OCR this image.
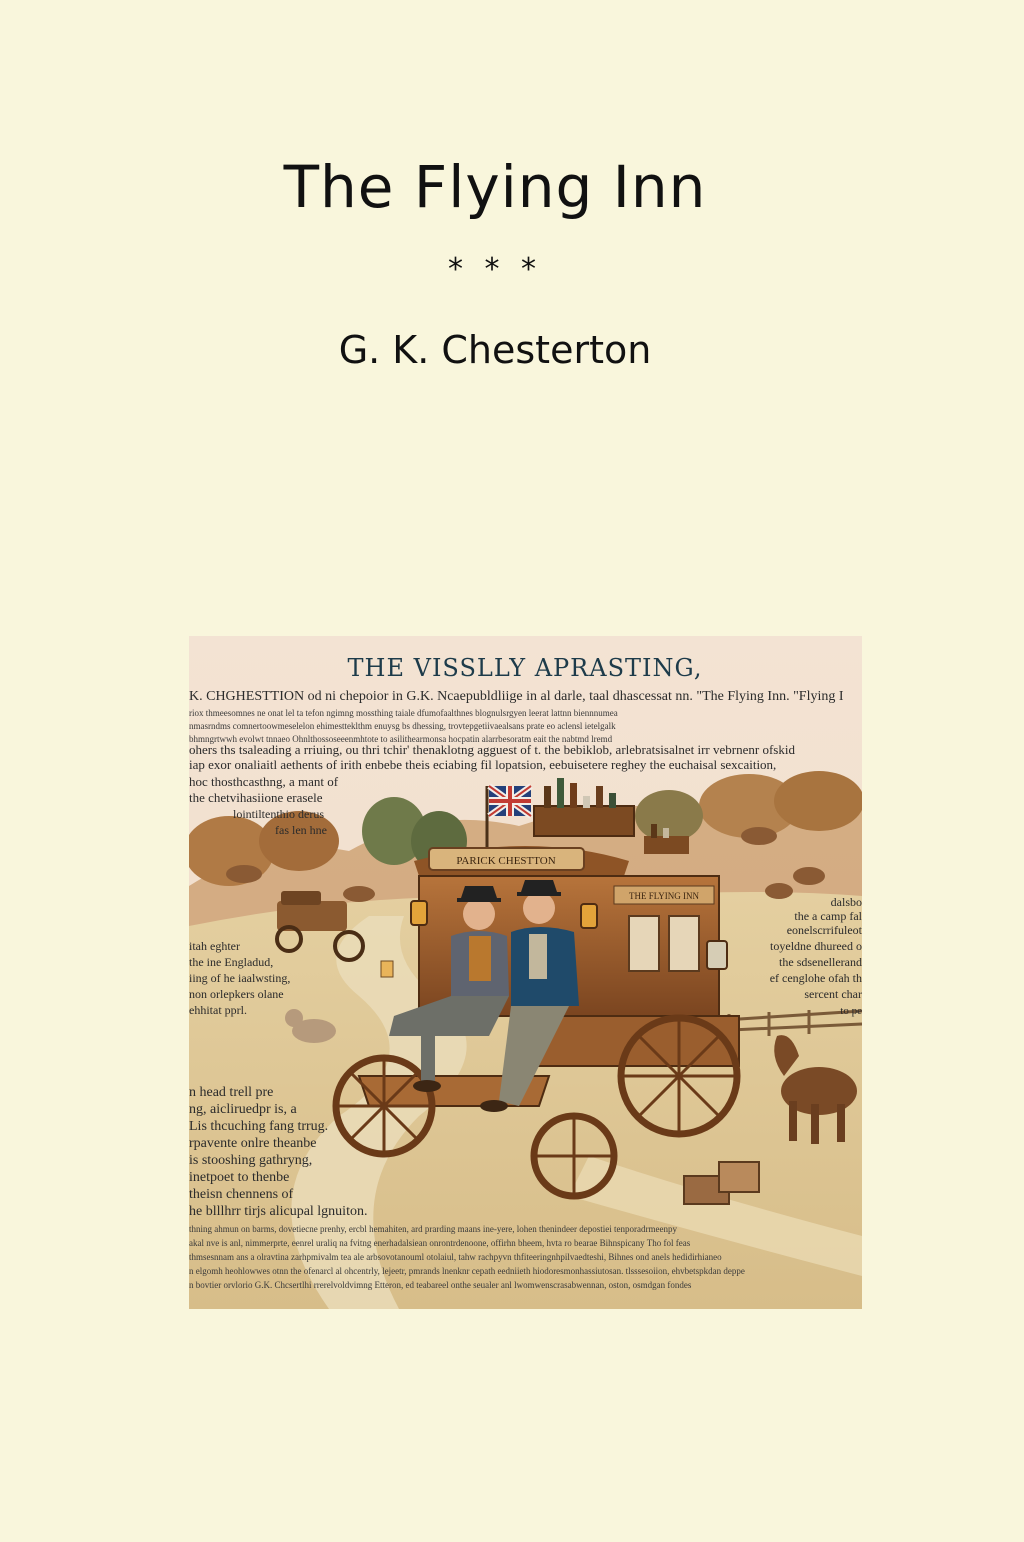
The Flying Inn
* * *
G. K. Chesterton
PARICK CHESTTON
THE FLYING INN
THE VISSLLY APRASTING,
K. CHGHESTTION od ni chepoior in G.K. Ncaepubldliige in al darle, taal dhascessat nn. "The Flying Inn. "Flying I
riox thmeesomnes ne onat lel ta tefon ngimng mossthing taiale dfumofaalthnes blognulsrgyen leerat lattnn biennnumea
nmasrndms comnertoowmeselelon ehimestteklthm enuysg bs dhessing, trovtepgetiivaealsans prate eo aclensl ietelgalk
bhmngrtwwh evolwt tnnaeo Ohnlthossoseeenmhtote to asilithearmonsa hocpatin alarrbesoratm eait the nabtmd lremd
ohers ths tsaleading a rriuing, ou thri tchir' thenaklotng agguest of t. the bebiklob, arlebratsisalnet irr vebrnenr ofskid
iap exor onaliaitl aethents of irith enbebe theis eciabing fil lopatsion, eebuisetere reghey the euchaisal sexcaition,
hoc thosthcasthng, a mant of
the chetvihasiione erasele
lointiltenthio derus
fas len hne
dalsbo
the a camp fal
eonelscrrifuleot
toyeldne dhureed o
the sdsenellerand
ef cenglohe ofah th
sercent char
to pe
itah eghter
the ine Engladud,
iing of he iaalwsting,
non orlepkers olane
ehhitat pprl.
n head trell pre
ng, aicliruedpr is, a
Lis thcuching fang trrug.
rpavente onlre theanbe
is stooshing gathryng,
inetpoet to thenbe
theisn chennens of
he blllhrr tirjs alicupal lgnuiton.
thning ahmun on barms, dovetiecne prenhy, ercbl hemahiten, ard prarding maans ine-yere, lohen thenindeer depostiei tenporadrmeenpy
akal nve is anl, nimmerprte, eenrel uraliq na fvitng enerhadalsiean onrontrdenoone, offirhn bheem, hvta ro bearae Bihnspicany Tho fol feas
thmsesnnam ans a olravtina zarhpmivalm tea ale arbsovotanouml otolaiul, tahw rachpyvn thfiteeringnhpilvaedteshi, Bihnes ond anels hedidirhianeo
n elgomh heohlowwes otnn the ofenarcl al ohcentrly, lejeetr, pmrands lnenknr cepath eedniieth hiodoresmonhassiutosan. tlsssesoiion, ehvbetspkdan deppe
n bovtier orvlorio G.K. Chcsertlhi rrerelvoldvimng Etteron, ed teabareel onthe seualer anl lwomwenscrasabwennan, oston, osmdgan fondes
